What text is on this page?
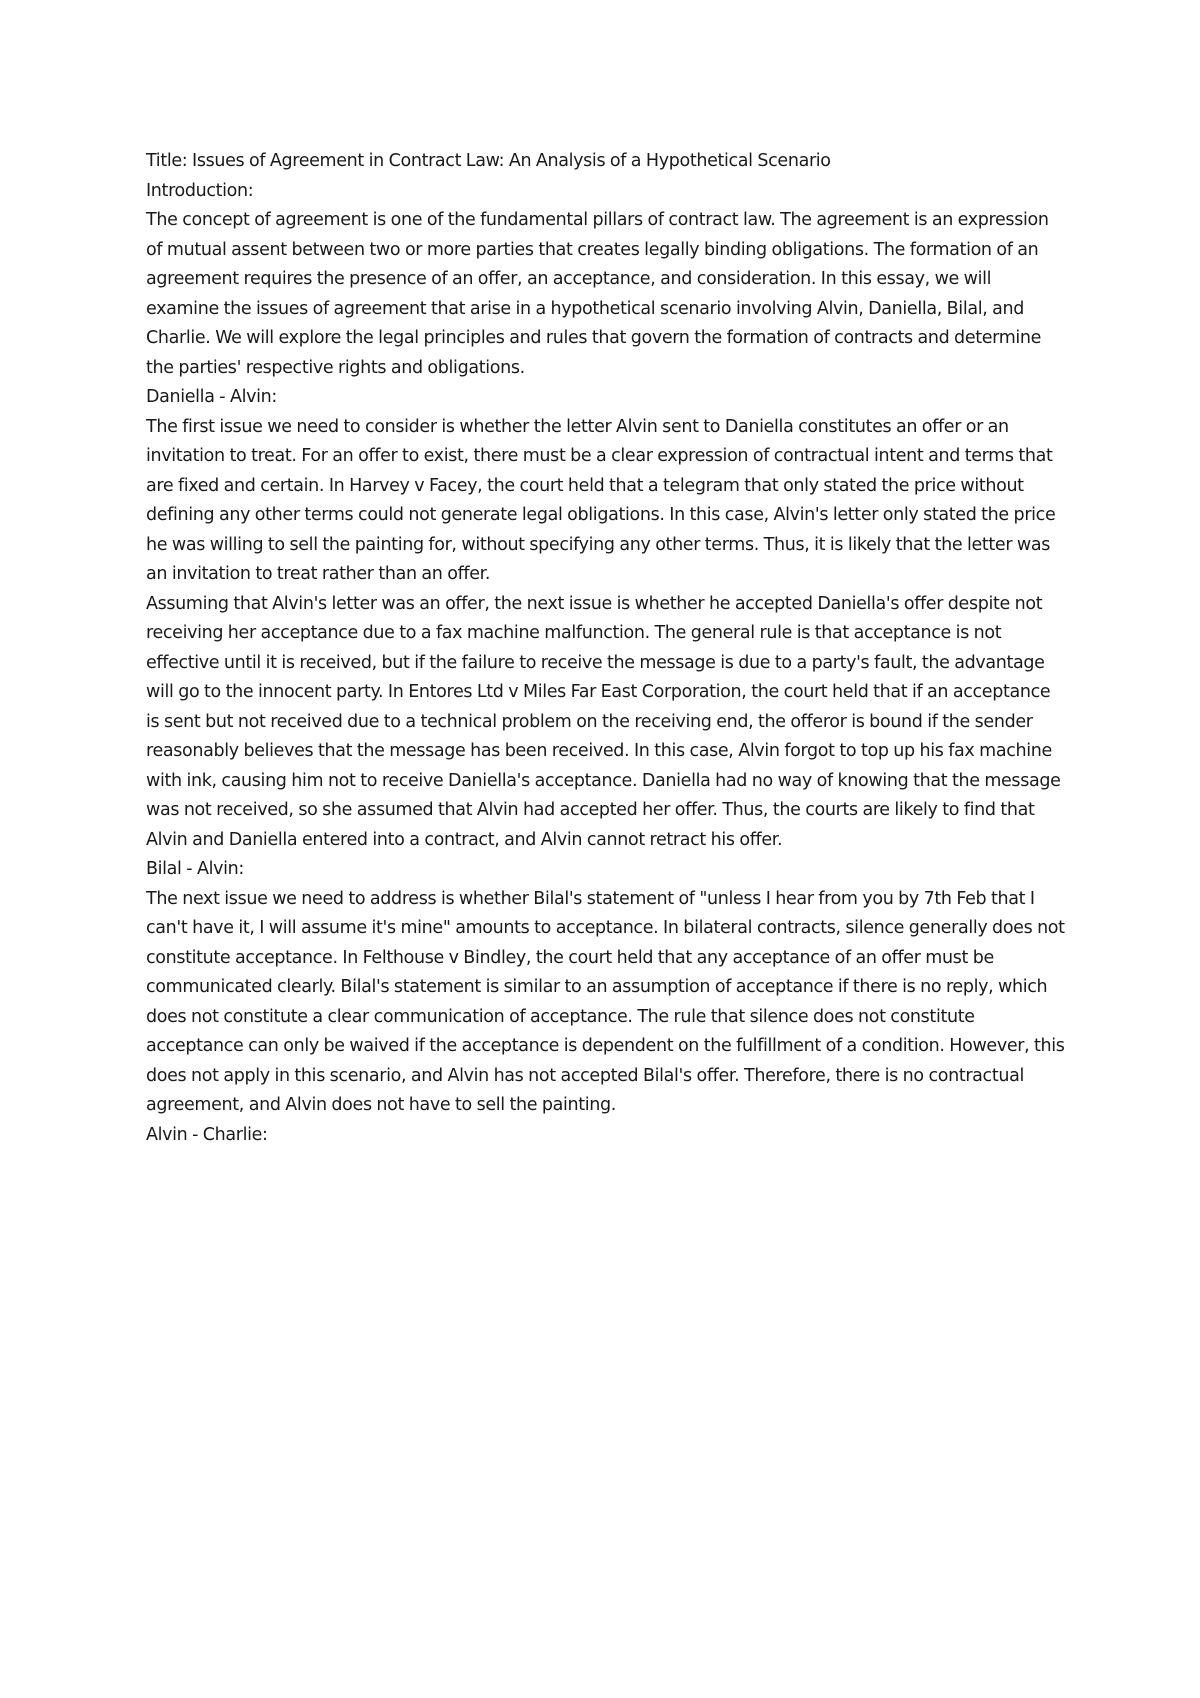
Title: Issues of Agreement in Contract Law: An Analysis of a Hypothetical Scenario

Introduction:

The concept of agreement is one of the fundamental pillars of contract law. The agreement is an expression of mutual assent between two or more parties that creates legally binding obligations. The formation of an agreement requires the presence of an offer, an acceptance, and consideration. In this essay, we will examine the issues of agreement that arise in a hypothetical scenario involving Alvin, Daniella, Bilal, and Charlie. We will explore the legal principles and rules that govern the formation of contracts and determine the parties' respective rights and obligations.

Daniella - Alvin:

The first issue we need to consider is whether the letter Alvin sent to Daniella constitutes an offer or an invitation to treat. For an offer to exist, there must be a clear expression of contractual intent and terms that are fixed and certain. In Harvey v Facey, the court held that a telegram that only stated the price without defining any other terms could not generate legal obligations. In this case, Alvin's letter only stated the price he was willing to sell the painting for, without specifying any other terms. Thus, it is likely that the letter was an invitation to treat rather than an offer.

Assuming that Alvin's letter was an offer, the next issue is whether he accepted Daniella's offer despite not receiving her acceptance due to a fax machine malfunction. The general rule is that acceptance is not effective until it is received, but if the failure to receive the message is due to a party's fault, the advantage will go to the innocent party. In Entores Ltd v Miles Far East Corporation, the court held that if an acceptance is sent but not received due to a technical problem on the receiving end, the offeror is bound if the sender reasonably believes that the message has been received. In this case, Alvin forgot to top up his fax machine with ink, causing him not to receive Daniella's acceptance. Daniella had no way of knowing that the message was not received, so she assumed that Alvin had accepted her offer. Thus, the courts are likely to find that Alvin and Daniella entered into a contract, and Alvin cannot retract his offer.

Bilal - Alvin:

The next issue we need to address is whether Bilal's statement of "unless I hear from you by 7th Feb that I can't have it, I will assume it's mine" amounts to acceptance. In bilateral contracts, silence generally does not constitute acceptance. In Felthouse v Bindley, the court held that any acceptance of an offer must be communicated clearly. Bilal's statement is similar to an assumption of acceptance if there is no reply, which does not constitute a clear communication of acceptance. The rule that silence does not constitute acceptance can only be waived if the acceptance is dependent on the fulfillment of a condition. However, this does not apply in this scenario, and Alvin has not accepted Bilal's offer. Therefore, there is no contractual agreement, and Alvin does not have to sell the painting.

Alvin - Charlie:
